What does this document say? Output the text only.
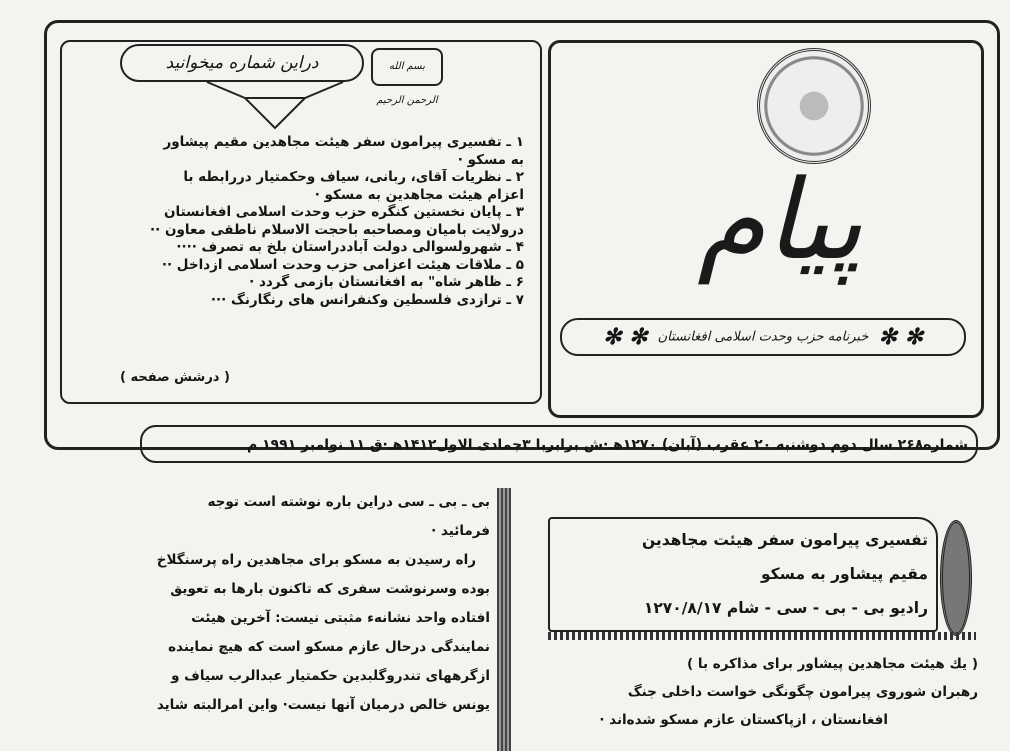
دراین شماره میخوانید	بسم الله الرحمن الرحیم
۱ ـ تفسیری پیرامون سفر هیئت مجاهدین مقیم پیشاور
به مسکو ·
۲ ـ نظریات آقای، ربانی، سیاف وحکمتیار دررابطه با
اعزام هیئت مجاهدین به مسکو ·
۳ ـ پایان نخستین کنگره حزب وحدت اسلامی افغانستان
درولایت بامیان ومصاحبه باحجت الاسلام ناطقی معاون ··
۴ ـ شهرولسوالی دولت آباددراستان بلخ به تصرف ····
۵ ـ ملاقات هیئت اعزامی حزب وحدت اسلامی ازداخل ··
۶ ـ ظاهر شاه" به افغانستان بازمی گردد ·
۷ ـ ترازدی فلسطین وکنفرانس های رنگارنگ ···
( درشش صفحه )
پیام
✻ ✻ خبرنامه حزب وحدت اسلامی افغانستان ✻ ✻
شماره۲۶۸ سال دوم دوشنبه ۲۰ عقرب (آبان) ۱۲۷۰هـ·ش برابربا ۳جمادی الاول۱۴۱۲هـ·ق ۱۱ نوامبر ۱۹۹۱ م

بی ـ بی ـ سی دراین باره نوشته است توجه

فرمائید ·

راه رسیدن به مسکو برای مجاهدین راه پرسنگلاخ

بوده وسرنوشت سفری که تاکنون بارها به تعویق

افتاده واحد نشانهء مثبتی نیست: آخرین هیئت

نمایندگی درحال عازم مسکو است که هیچ نماینده

ازگرههای تندروگلبدین حکمتیار عبدالرب سیاف و

یونس خالص درمیان آنها نیست· واین امرالبته شاید

تفسیری پیرامون سفر هیئت مجاهدین
مقیم پیشاور به مسکو
رادیو بی - بی - سی - شام ۱۲۷۰/۸/۱۷
( یك هیئت مجاهدین پیشاور برای مذاکره با )
رهبران شوروی پیرامون چگونگی خواست داخلی جنگ
افغانستان ، ازپاکستان عازم مسکو شده‌اند ·
